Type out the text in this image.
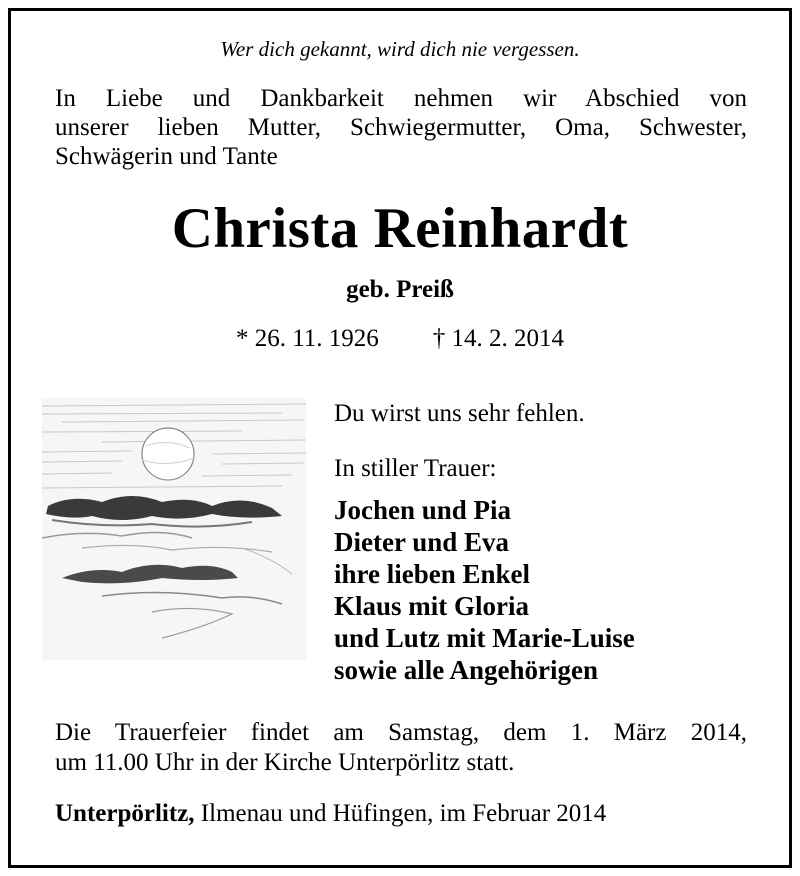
Wer dich gekannt, wird dich nie vergessen.
In Liebe und Dankbarkeit nehmen wir Abschied von
unserer lieben Mutter, Schwiegermutter, Oma, Schwester,
Schwägerin und Tante
Christa Reinhardt
geb. Preiß
* 26. 11. 1926 † 14. 2. 2014
Du wirst uns sehr fehlen.
In stiller Trauer:
Jochen und Pia
Dieter und Eva
ihre lieben Enkel
Klaus mit Gloria
und Lutz mit Marie-Luise
sowie alle Angehörigen
Die Trauerfeier findet am Samstag, dem 1. März 2014,
um 11.00 Uhr in der Kirche Unterpörlitz statt.
Unterpörlitz, Ilmenau und Hüfingen, im Februar 2014
